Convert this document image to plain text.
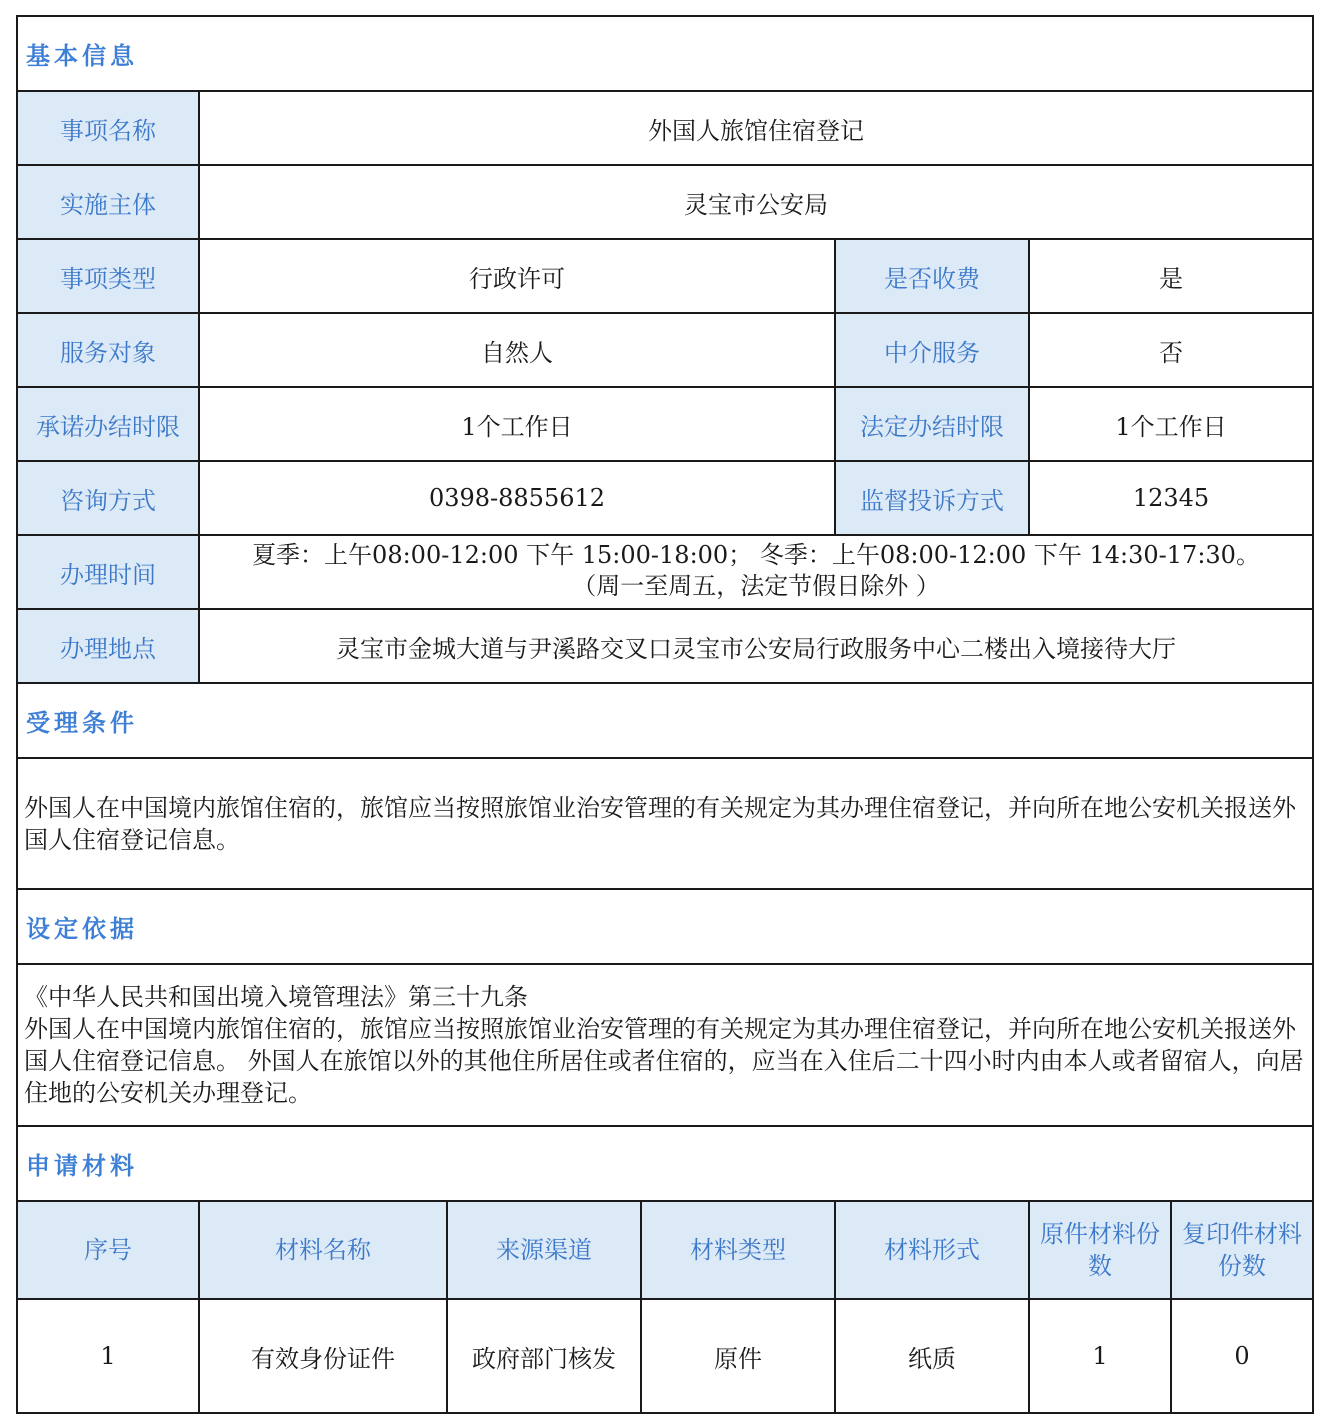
基本信息						
事项名称	外国人旅馆住宿登记					
实施主体	灵宝市公安局					
事项类型	行政许可			是否收费	是	
服务对象	自然人			中介服务	否	
承诺办结时限	1个工作日			法定办结时限	1个工作日	
咨询方式	0398-8855612			监督投诉方式	12345	
办理时间	夏季：上午08:00-12:00 下午 15:00-18:00； 冬季：上午08:00-12:00 下午 14:30-17:30。
（周一至周五，法定节假日除外 ）					

办理地点	灵宝市金城大道与尹溪路交叉口灵宝市公安局行政服务中心二楼出入境接待大厅					
受理条件						
外国人在中国境内旅馆住宿的，旅馆应当按照旅馆业治安管理的有关规定为其办理住宿登记，并向所在地公安机关报送外国人住宿登记信息。						
设定依据						

《中华人民共和国出境入境管理法》第三十九条
外国人在中国境内旅馆住宿的，旅馆应当按照旅馆业治安管理的有关规定为其办理住宿登记，并向所在地公安机关报送外国人住宿登记信息。 外国人在旅馆以外的其他住所居住或者住宿的，应当在入住后二十四小时内由本人或者留宿人，向居住地的公安机关办理登记。						

申请材料						
序号	材料名称	来源渠道	材料类型	材料形式	原件材料份数	复印件材料份数
1	有效身份证件	政府部门核发	原件	纸质	1	0
